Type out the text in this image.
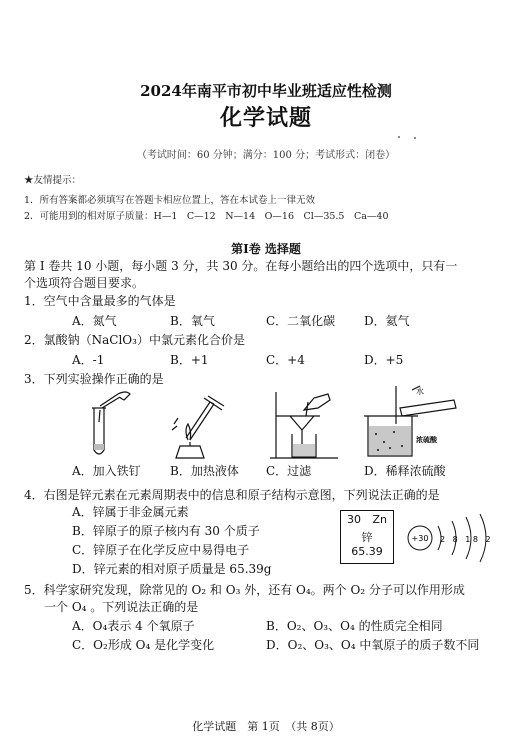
2024年南平市初中毕业班适应性检测
化学试题
（考试时间：60 分钟；满分：100 分；考试形式：闭卷）
★友情提示：
1．所有答案都必须填写在答题卡相应位置上，答在本试卷上一律无效
2．可能用到的相对原子质量：H—1　C—12　N—14　O—16　Cl—35.5　Ca—40
第Ⅰ卷 选择题
第 I 卷共 10 小题，每小题 3 分，共 30 分。在每小题给出的四个选项中，只有一
个选项符合题目要求。
1．空气中含量最多的气体是
A．氮气	B．氧气	C．二氧化碳 D．氦气
2．氯酸钠（NaClO₃）中氯元素化合价是
A．-1	B．+1	C．+4	D．+5
3．下列实验操作正确的是
水
浓硫酸
A．加入铁钉 B．加热液体 C．过滤	D．稀释浓硫酸
4．右图是锌元素在元素周期表中的信息和原子结构示意图，下列说法正确的是
A．锌属于非金属元素
B．锌原子的原子核内有 30 个质子
C．锌原子在化学反应中易得电子
D．锌元素的相对原子质量是 65.39g
30 Zn
锌
65.39
+30 2 8 18 2
5．科学家研究发现，除常见的 O₂ 和 O₃ 外，还有 O₄。两个 O₂ 分子可以作用形成
一个 O₄ 。下列说法正确的是
A．O₄表示 4 个氧原子	B．O₂、O₃、O₄ 的性质完全相同
C．O₂形成 O₄ 是化学变化	D．O₂、O₃、O₄ 中氧原子的质子数不同
化学试题　第 1页　（共 8页）
